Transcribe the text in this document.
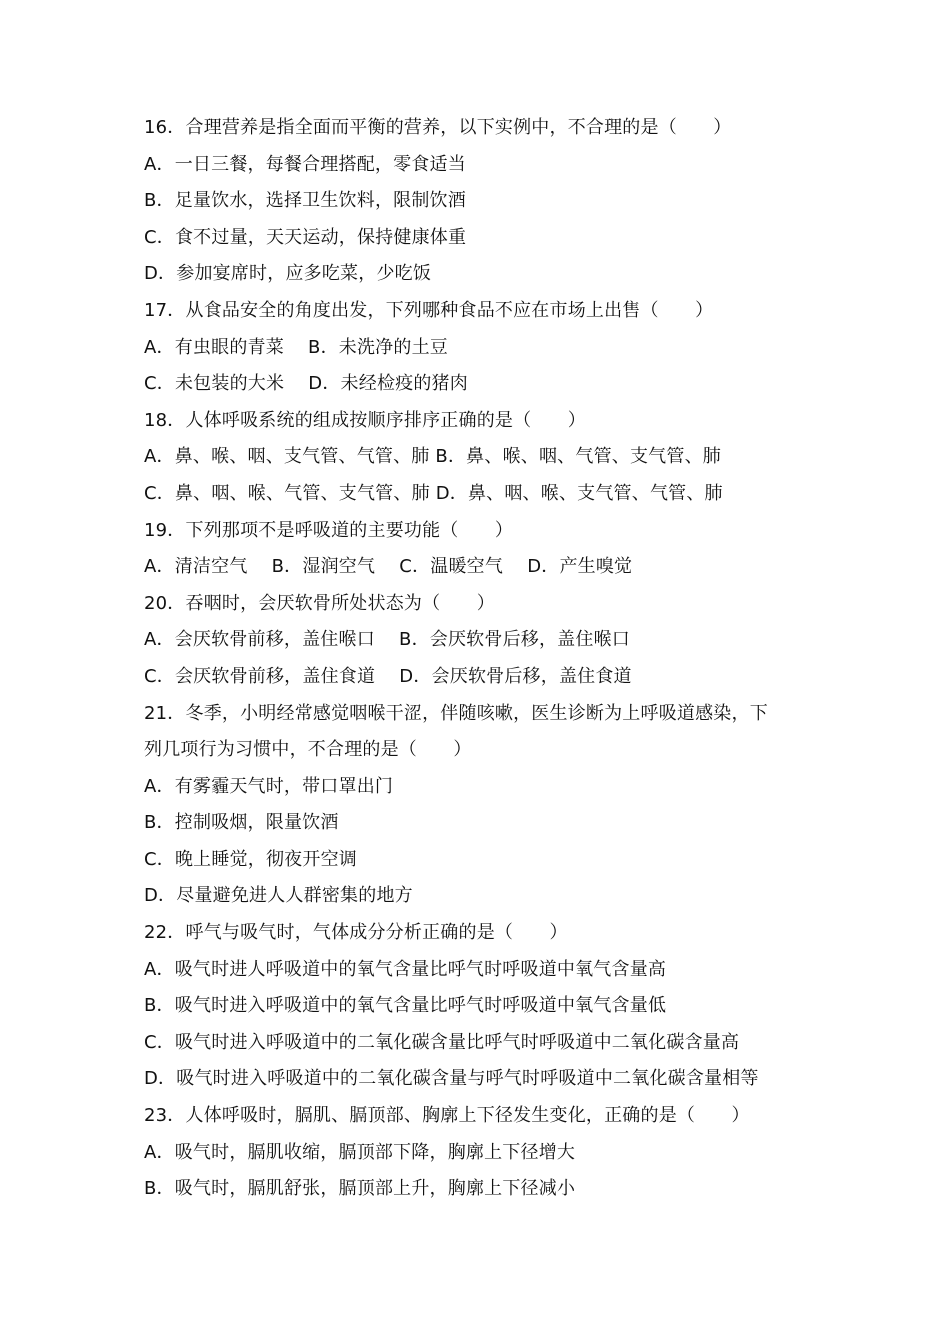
16．合理营养是指全面而平衡的营养，以下实例中，不合理的是（　　）
A．一日三餐，每餐合理搭配，零食适当
B．足量饮水，选择卫生饮料，限制饮酒
C．食不过量，天天运动，保持健康体重
D．参加宴席时，应多吃菜，少吃饭
17．从食品安全的角度出发，下列哪种食品不应在市场上出售（　　）
A．有虫眼的青菜　 B．未洗净的土豆
C．未包装的大米　 D．未经检疫的猪肉
18．人体呼吸系统的组成按顺序排序正确的是（　　）
A．鼻、喉、咽、支气管、气管、肺 B．鼻、喉、咽、气管、支气管、肺
C．鼻、咽、喉、气管、支气管、肺 D．鼻、咽、喉、支气管、气管、肺
19．下列那项不是呼吸道的主要功能（　　）
A．清洁空气　 B．湿润空气　 C．温暖空气　 D．产生嗅觉
20．吞咽时，会厌软骨所处状态为（　　）
A．会厌软骨前移，盖住喉口　 B．会厌软骨后移，盖住喉口
C．会厌软骨前移，盖住食道　 D．会厌软骨后移，盖住食道
21．冬季，小明经常感觉咽喉干涩，伴随咳嗽，医生诊断为上呼吸道感染，下
列几项行为习惯中，不合理的是（　　）
A．有雾霾天气时，带口罩出门
B．控制吸烟，限量饮酒
C．晚上睡觉，彻夜开空调
D．尽量避免进人人群密集的地方
22．呼气与吸气时，气体成分分析正确的是（　　）
A．吸气时进人呼吸道中的氧气含量比呼气时呼吸道中氧气含量高
B．吸气时进入呼吸道中的氧气含量比呼气时呼吸道中氧气含量低
C．吸气时进入呼吸道中的二氧化碳含量比呼气时呼吸道中二氧化碳含量高
D．吸气时进入呼吸道中的二氧化碳含量与呼气时呼吸道中二氧化碳含量相等
23．人体呼吸时，膈肌、膈顶部、胸廓上下径发生变化，正确的是（　　）
A．吸气时，膈肌收缩，膈顶部下降，胸廓上下径增大
B．吸气时，膈肌舒张，膈顶部上升，胸廓上下径减小
